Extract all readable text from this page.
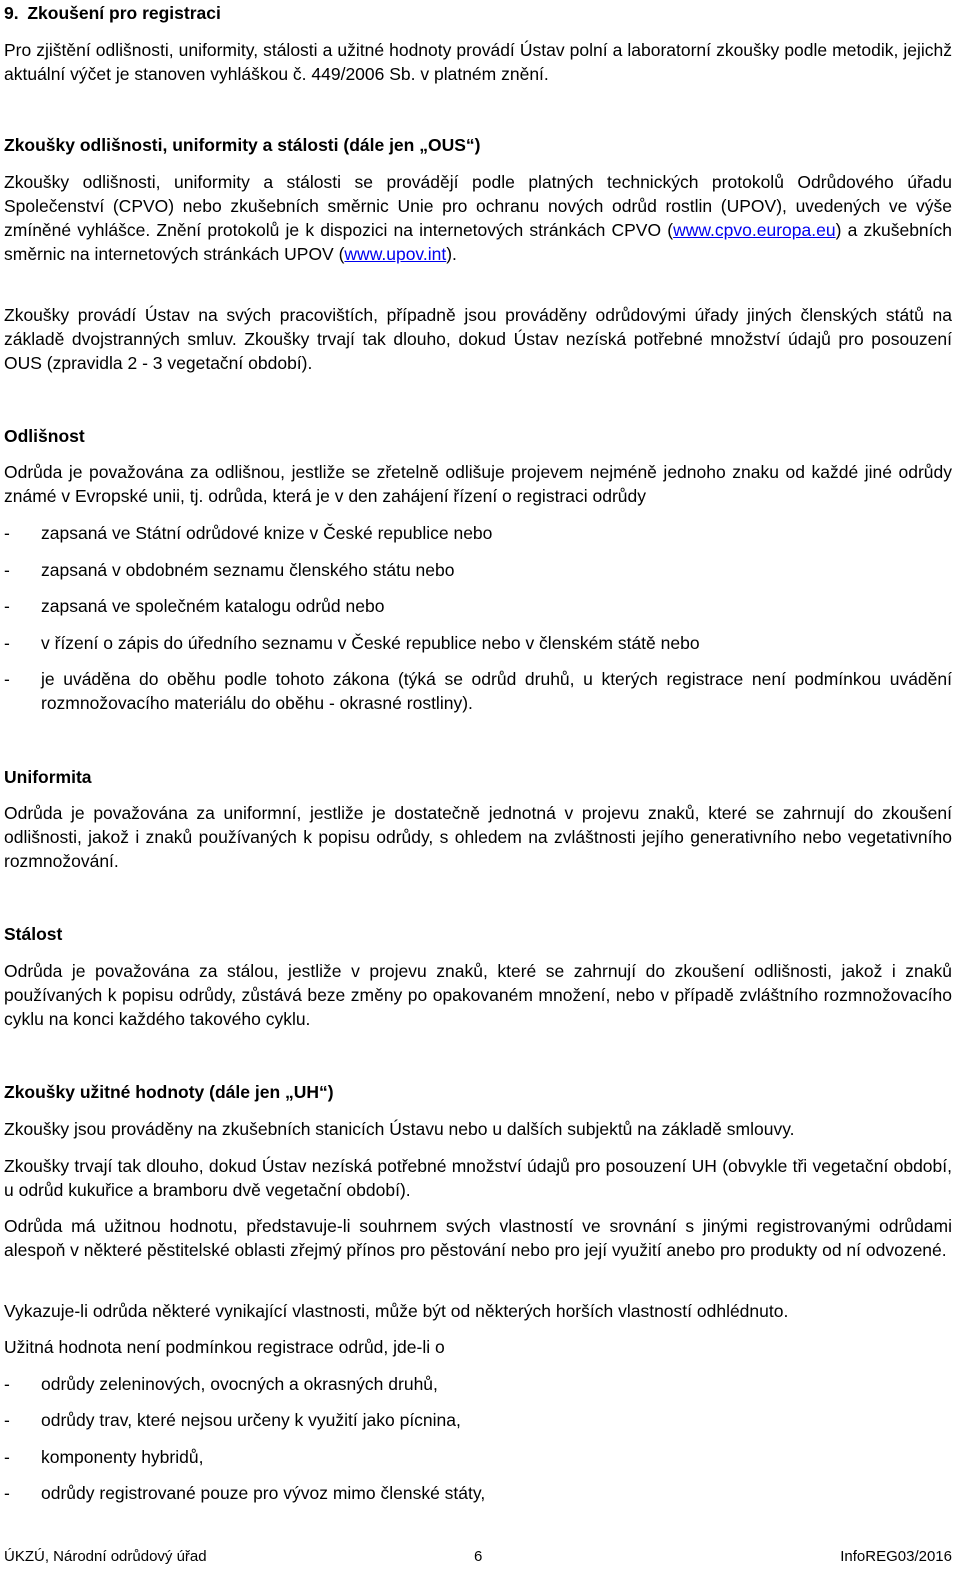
9. Zkoušení pro registraci
Pro zjištění odlišnosti, uniformity, stálosti a užitné hodnoty provádí Ústav polní a laboratorní zkoušky podle metodik, jejichž aktuální výčet je stanoven vyhláškou č. 449/2006 Sb. v platném znění.
Zkoušky odlišnosti, uniformity a stálosti (dále jen „OUS“)
Zkoušky odlišnosti, uniformity a stálosti se provádějí podle platných technických protokolů Odrůdového úřadu Společenství (CPVO) nebo zkušebních směrnic Unie pro ochranu nových odrůd rostlin (UPOV), uvedených ve výše zmíněné vyhlášce. Znění protokolů je k dispozici na internetových stránkách CPVO (www.cpvo.europa.eu) a zkušebních směrnic na internetových stránkách UPOV (www.upov.int).
Zkoušky provádí Ústav na svých pracovištích, případně jsou prováděny odrůdovými úřady jiných členských států na základě dvojstranných smluv. Zkoušky trvají tak dlouho, dokud Ústav nezíská potřebné množství údajů pro posouzení OUS (zpravidla 2 - 3 vegetační období).
Odlišnost
Odrůda je považována za odlišnou, jestliže se zřetelně odlišuje projevem nejméně jednoho znaku od každé jiné odrůdy známé v Evropské unii, tj. odrůda, která je v den zahájení řízení o registraci odrůdy
-	zapsaná ve Státní odrůdové knize v České republice nebo
-	zapsaná v obdobném seznamu členského státu nebo
-	zapsaná ve společném katalogu odrůd nebo
-	v řízení o zápis do úředního seznamu v České republice nebo v členském státě nebo
-	je uváděna do oběhu podle tohoto zákona (týká se odrůd druhů, u kterých registrace není podmínkou uvádění rozmnožovacího materiálu do oběhu - okrasné rostliny).
Uniformita
Odrůda je považována za uniformní, jestliže je dostatečně jednotná v projevu znaků, které se zahrnují do zkoušení odlišnosti, jakož i znaků používaných k popisu odrůdy, s ohledem na zvláštnosti jejího generativního nebo vegetativního rozmnožování.
Stálost
Odrůda je považována za stálou, jestliže v projevu znaků, které se zahrnují do zkoušení odlišnosti, jakož i znaků používaných k popisu odrůdy, zůstává beze změny po opakovaném množení, nebo v případě zvláštního rozmnožovacího cyklu na konci každého takového cyklu.
Zkoušky užitné hodnoty (dále jen „UH“)
Zkoušky jsou prováděny na zkušebních stanicích Ústavu nebo u dalších subjektů na základě smlouvy.
Zkoušky trvají tak dlouho, dokud Ústav nezíská potřebné množství údajů pro posouzení UH (obvykle tři vegetační období, u odrůd kukuřice a bramboru dvě vegetační období).
Odrůda má užitnou hodnotu, představuje-li souhrnem svých vlastností ve srovnání s jinými registrovanými odrůdami alespoň v některé pěstitelské oblasti zřejmý přínos pro pěstování nebo pro její využití anebo pro produkty od ní odvozené.
Vykazuje-li odrůda některé vynikající vlastnosti, může být od některých horších vlastností odhlédnuto.
Užitná hodnota není podmínkou registrace odrůd, jde-li o
-	odrůdy zeleninových, ovocných a okrasných druhů,
-	odrůdy trav, které nejsou určeny k využití jako pícnina,
-	komponenty hybridů,
-	odrůdy registrované pouze pro vývoz mimo členské státy,
ÚKZÚ, Národní odrůdový úřad	6	InfoREG03/2016
